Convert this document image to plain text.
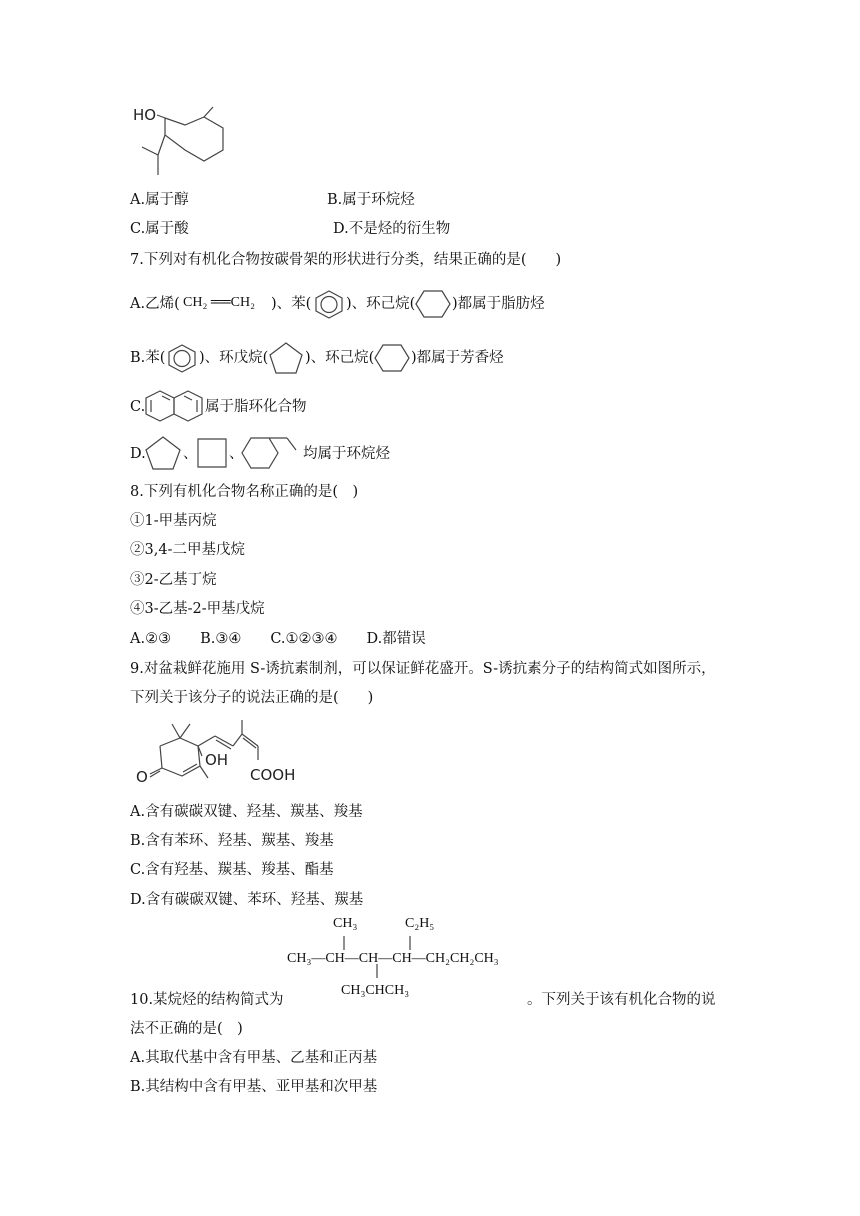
HO
A.属于醇	B.属于环烷烃
C.属于酸	D.不是烃的衍生物
7.下列对有机化合物按碳骨架的形状进行分类，结果正确的是(　　)
A.乙烯( CH₂ ══CH₂ )、苯( )、环己烷(	)都属于脂肪烃
B.苯( )、环戊烷(	)、环己烷(	)都属于芳香烃
C.	属于脂环化合物
D.	、 、	均属于环烷烃
8.下列有机化合物名称正确的是(　)
①1-甲基丙烷
②3,4-二甲基戊烷
③2-乙基丁烷
④3-乙基-2-甲基戊烷
A.②③　　B.③④　　C.①②③④　　D.都错误
9.对盆栽鲜花施用 S-诱抗素制剂，可以保证鲜花盛开。S-诱抗素分子的结构简式如图所示，
下列关于该分子的说法正确的是(　　)
O
OH
COOH
A.含有碳碳双键、羟基、羰基、羧基
B.含有苯环、羟基、羰基、羧基
C.含有羟基、羰基、羧基、酯基
D.含有碳碳双键、苯环、羟基、羰基
CH₃	C₂H₅
CH₃—CH—CH—CH—CH₂CH₂CH₃
CH₃CHCH₃
10.某烷烃的结构简式为	。下列关于该有机化合物的说
法不正确的是(　)
A.其取代基中含有甲基、乙基和正丙基
B.其结构中含有甲基、亚甲基和次甲基
